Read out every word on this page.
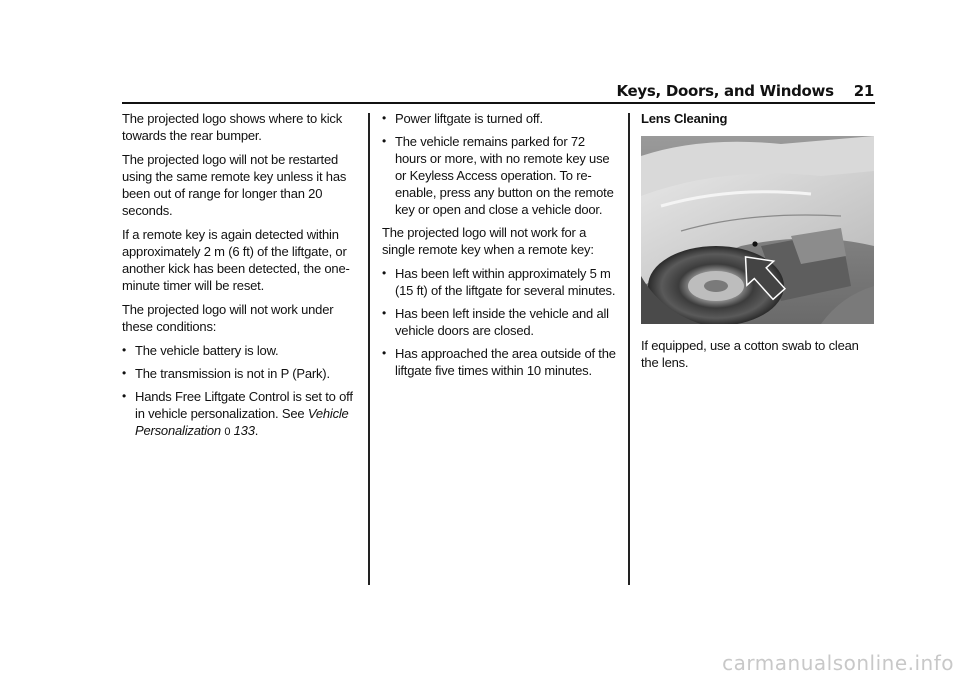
Keys, Doors, and Windows 21

The projected logo shows where to kick towards the rear bumper.

The projected logo will not be restarted using the same remote key unless it has been out of range for longer than 20 seconds.

If a remote key is again detected within approximately 2 m (6 ft) of the liftgate, or another kick has been detected, the one-minute timer will be reset.

The projected logo will not work under these conditions:

• The vehicle battery is low.
• The transmission is not in P (Park).
• Hands Free Liftgate Control is set to off in vehicle personalization. See Vehicle Personalization 0 133.
• Power liftgate is turned off.
• The vehicle remains parked for 72 hours or more, with no remote key use or Keyless Access operation. To re-enable, press any button on the remote key or open and close a vehicle door.

The projected logo will not work for a single remote key when a remote key:

• Has been left within approximately 5 m (15 ft) of the liftgate for several minutes.
• Has been left inside the vehicle and all vehicle doors are closed.
• Has approached the area outside of the liftgate five times within 10 minutes.
Lens Cleaning

If equipped, use a cotton swab to clean the lens.

carmanualsonline.info
